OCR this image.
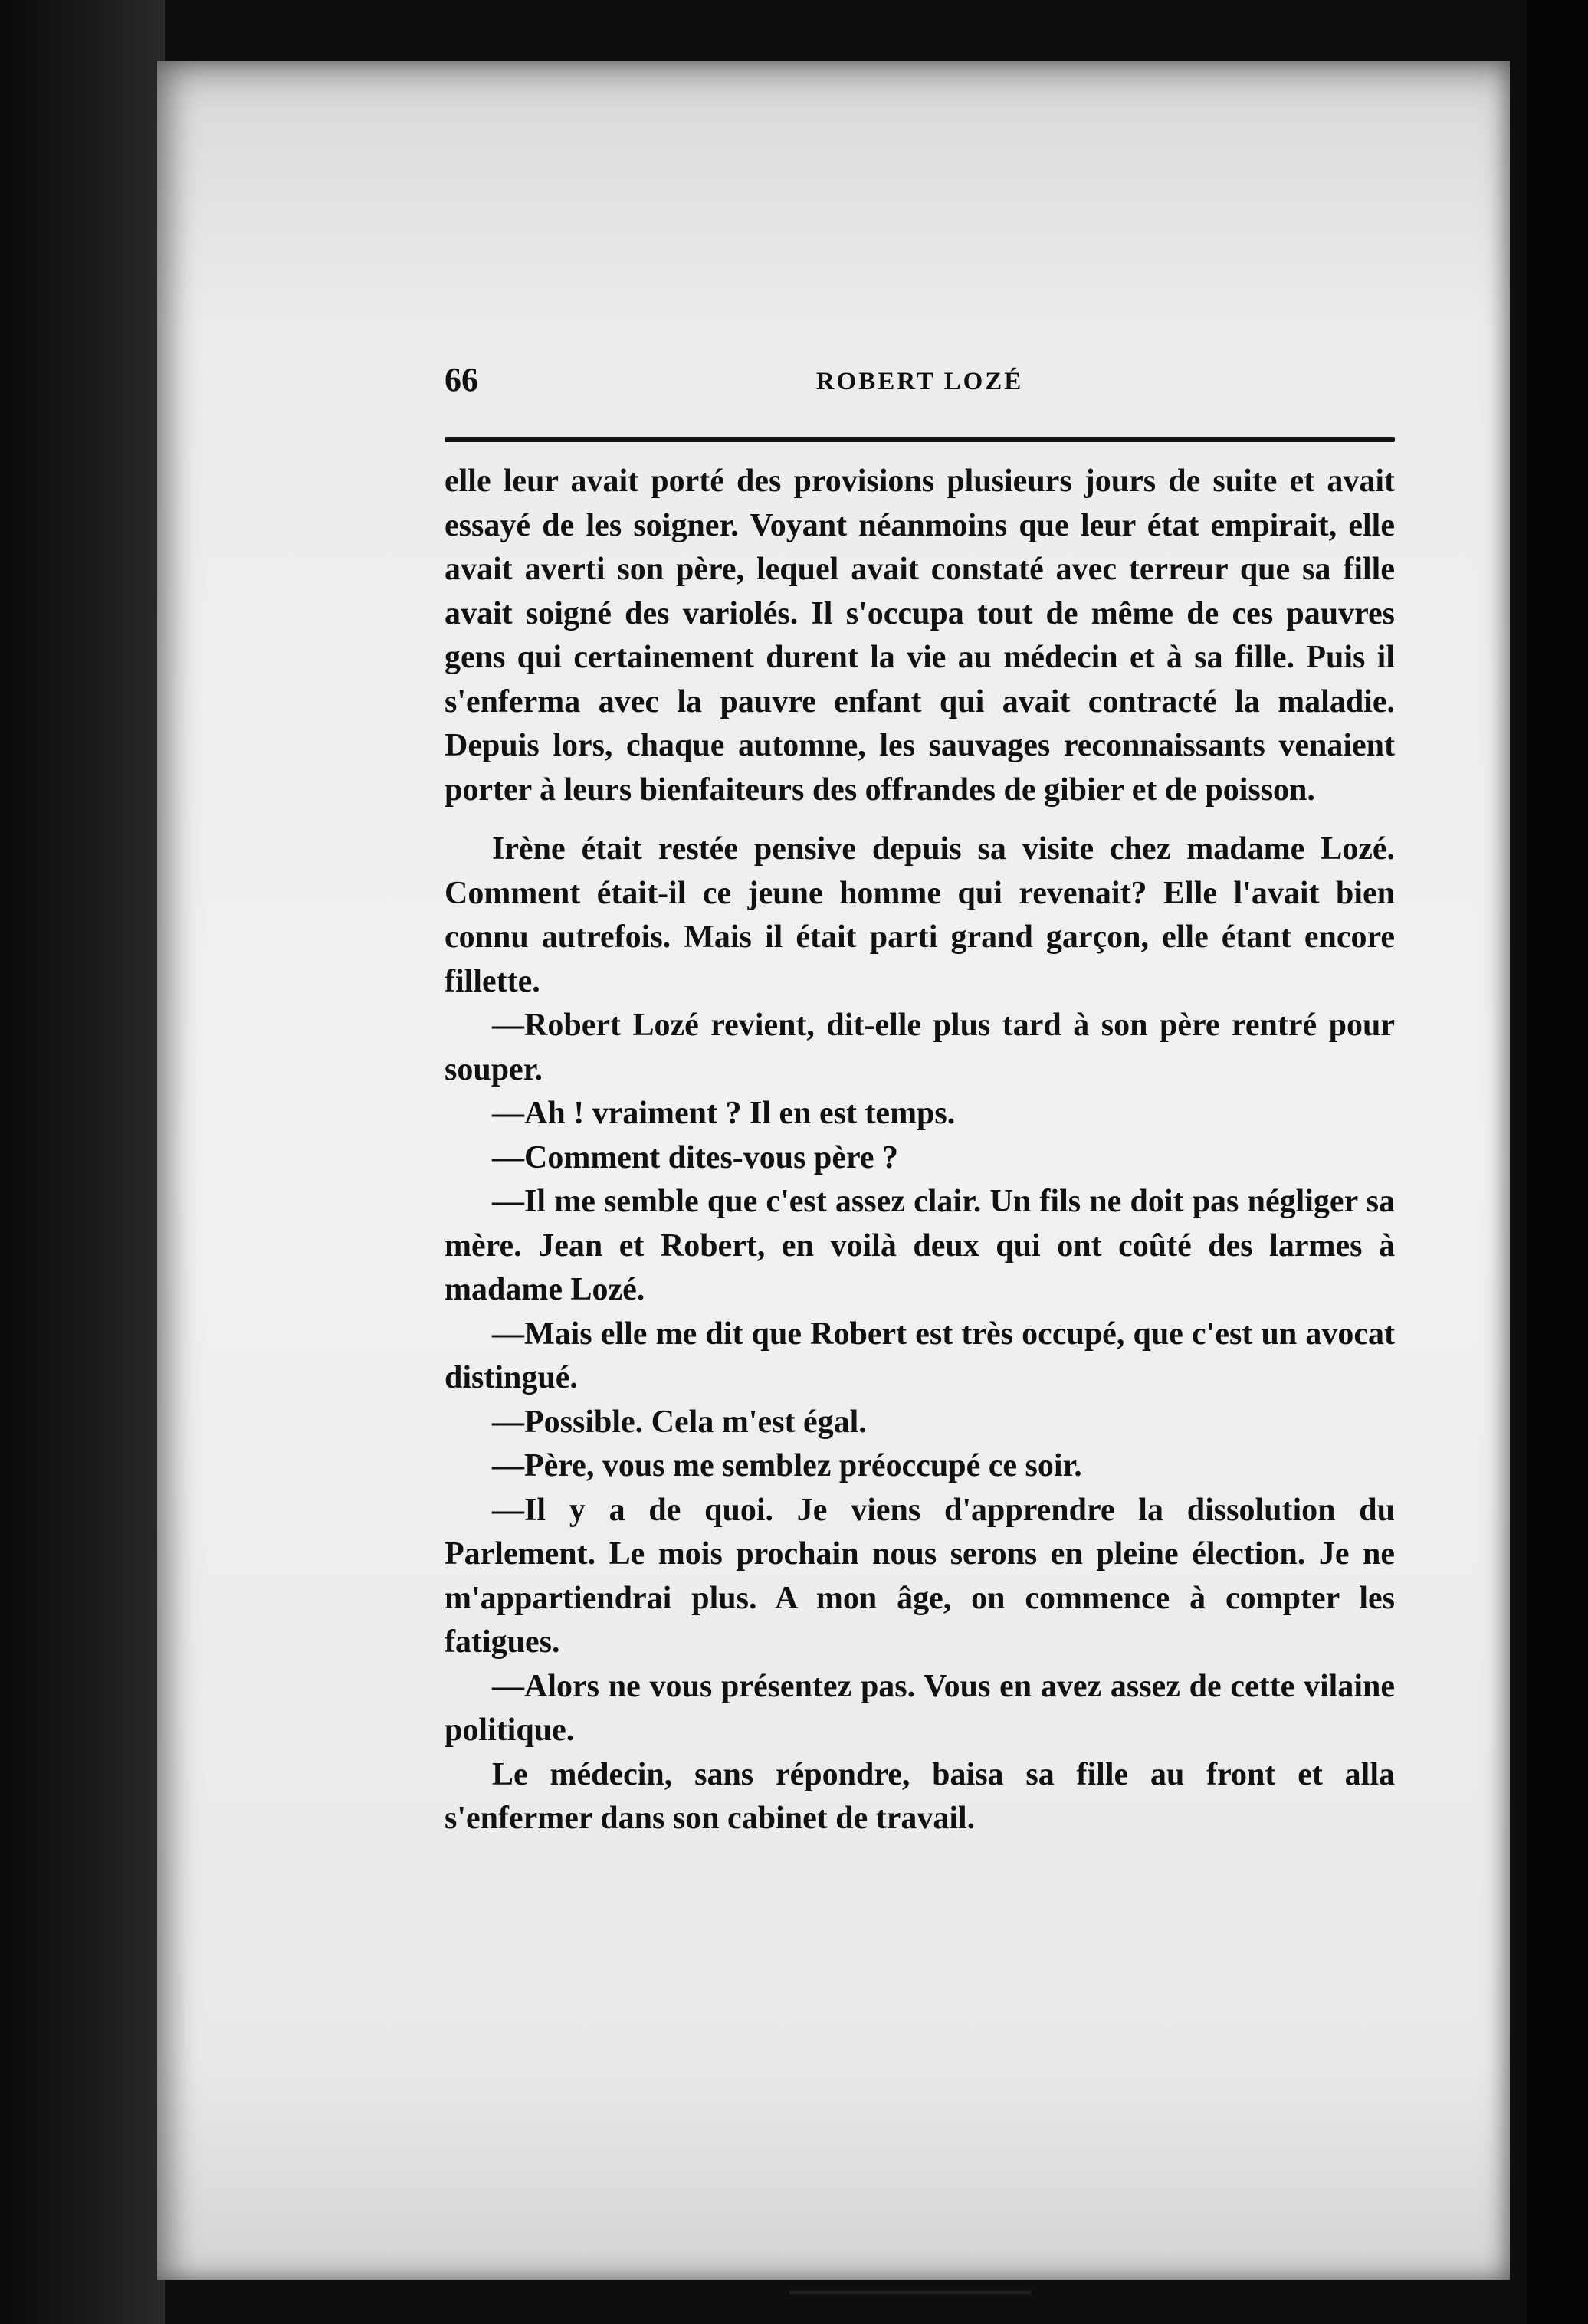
66	ROBERT LOZÉ

elle leur avait porté des provisions plusieurs jours de suite et avait essayé de les soigner. Voyant néanmoins que leur état empirait, elle avait averti son père, lequel avait constaté avec terreur que sa fille avait soigné des variolés. Il s'occupa tout de même de ces pauvres gens qui certainement durent la vie au médecin et à sa fille. Puis il s'enferma avec la pauvre enfant qui avait contracté la maladie. Depuis lors, chaque automne, les sauvages reconnaissants venaient porter à leurs bienfaiteurs des offrandes de gibier et de poisson.

Irène était restée pensive depuis sa visite chez madame Lozé. Comment était-il ce jeune homme qui revenait? Elle l'avait bien connu autrefois. Mais il était parti grand garçon, elle étant encore fillette.

—Robert Lozé revient, dit-elle plus tard à son père rentré pour souper.

—Ah ! vraiment ? Il en est temps.

—Comment dites-vous père ?

—Il me semble que c'est assez clair. Un fils ne doit pas négliger sa mère. Jean et Robert, en voilà deux qui ont coûté des larmes à madame Lozé.

—Mais elle me dit que Robert est très occupé, que c'est un avocat distingué.

—Possible. Cela m'est égal.

—Père, vous me semblez préoccupé ce soir.

—Il y a de quoi. Je viens d'apprendre la dissolution du Parlement. Le mois prochain nous serons en pleine élection. Je ne m'appartiendrai plus. A mon âge, on commence à compter les fatigues.

—Alors ne vous présentez pas. Vous en avez assez de cette vilaine politique.

Le médecin, sans répondre, baisa sa fille au front et alla s'enfermer dans son cabinet de travail.
